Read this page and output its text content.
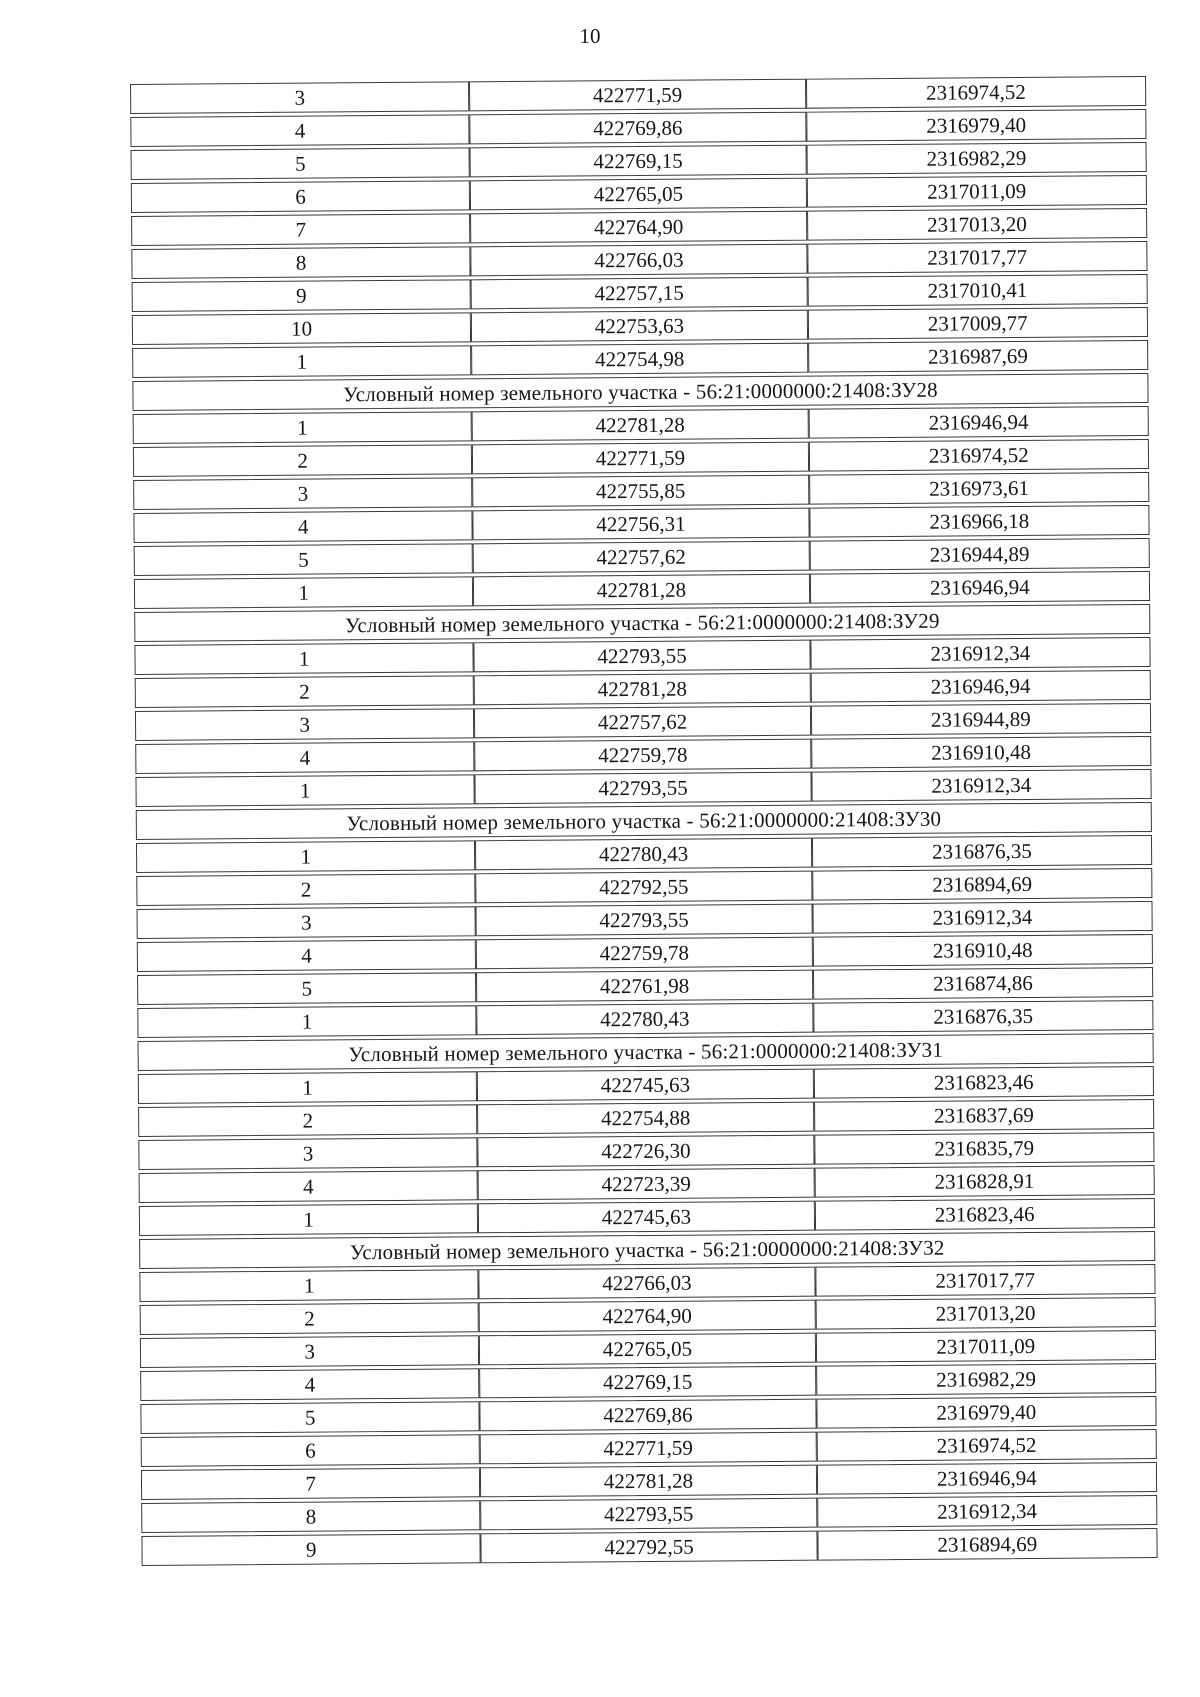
10
3	422771,59	2316974,52
4	422769,86	2316979,40
5	422769,15	2316982,29
6	422765,05	2317011,09
7	422764,90	2317013,20
8	422766,03	2317017,77
9	422757,15	2317010,41
10	422753,63	2317009,77
1	422754,98	2316987,69
Условный номер земельного участка - 56:21:0000000:21408:ЗУ28		
1	422781,28	2316946,94
2	422771,59	2316974,52
3	422755,85	2316973,61
4	422756,31	2316966,18
5	422757,62	2316944,89
1	422781,28	2316946,94
Условный номер земельного участка - 56:21:0000000:21408:ЗУ29		
1	422793,55	2316912,34
2	422781,28	2316946,94
3	422757,62	2316944,89
4	422759,78	2316910,48
1	422793,55	2316912,34
Условный номер земельного участка - 56:21:0000000:21408:ЗУ30		
1	422780,43	2316876,35
2	422792,55	2316894,69
3	422793,55	2316912,34
4	422759,78	2316910,48
5	422761,98	2316874,86
1	422780,43	2316876,35
Условный номер земельного участка - 56:21:0000000:21408:ЗУ31		
1	422745,63	2316823,46
2	422754,88	2316837,69
3	422726,30	2316835,79
4	422723,39	2316828,91
1	422745,63	2316823,46
Условный номер земельного участка - 56:21:0000000:21408:ЗУ32		
1	422766,03	2317017,77
2	422764,90	2317013,20
3	422765,05	2317011,09
4	422769,15	2316982,29
5	422769,86	2316979,40
6	422771,59	2316974,52
7	422781,28	2316946,94
8	422793,55	2316912,34
9	422792,55	2316894,69
